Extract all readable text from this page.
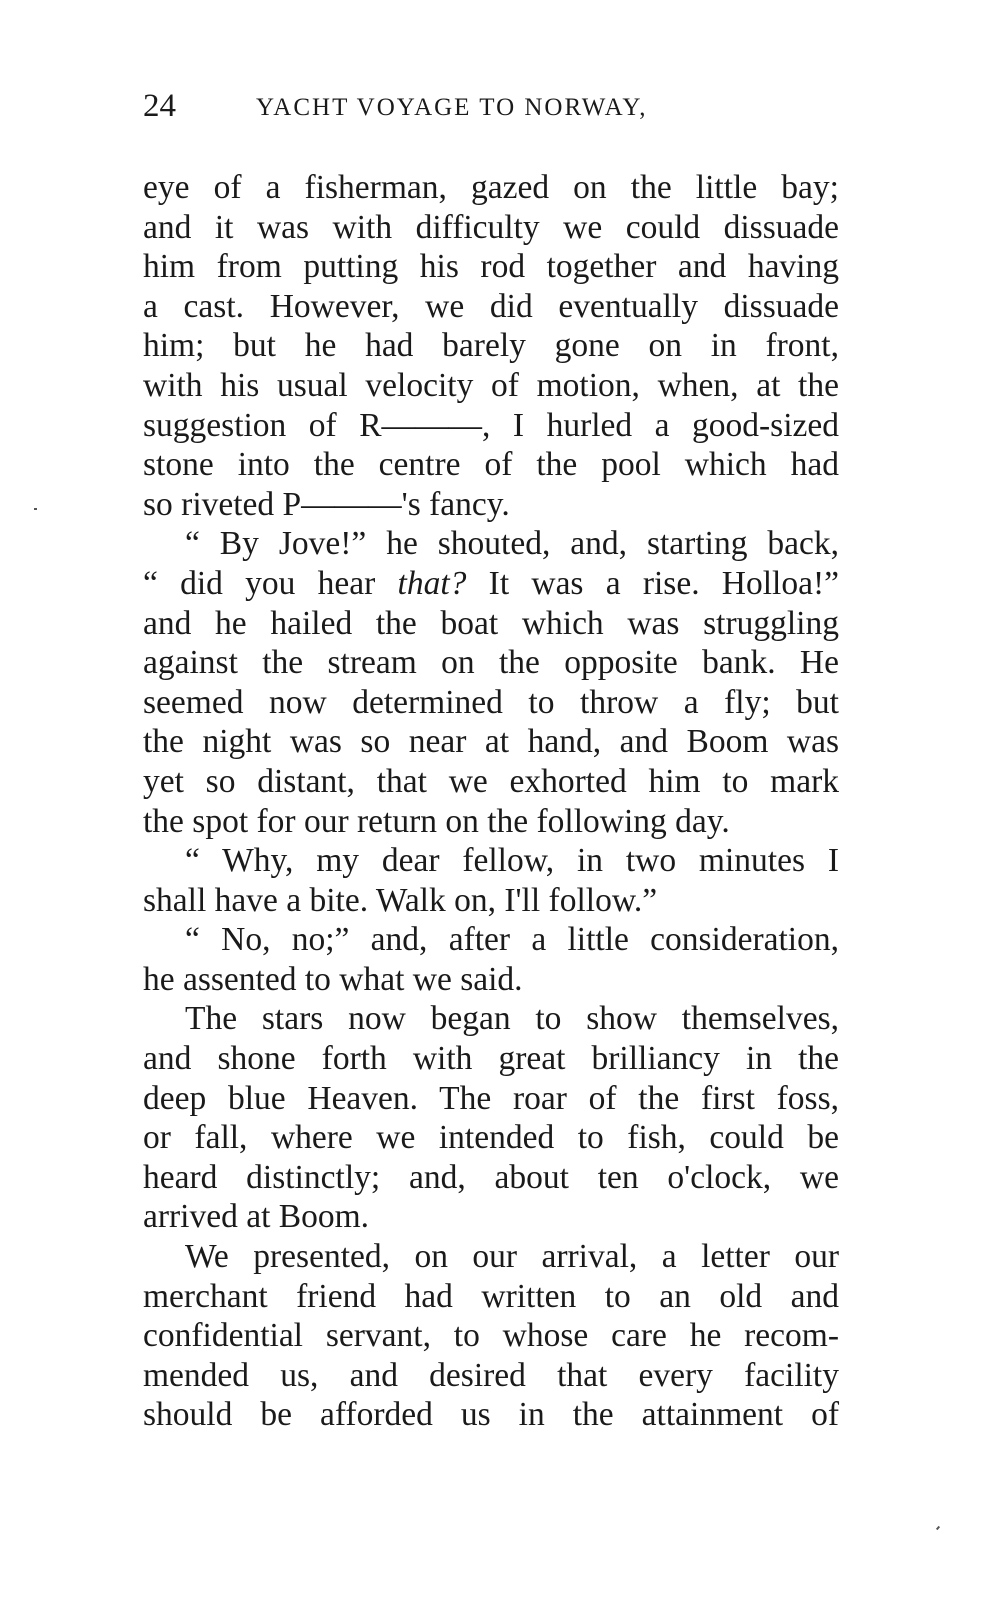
24	YACHT VOYAGE TO NORWAY,
eye of a fisherman, gazed on the little bay;
and it was with difficulty we could dissuade
him from putting his rod together and having
a cast. However, we did eventually dissuade
him; but he had barely gone on in front,
with his usual velocity of motion, when, at the
suggestion of R———, I hurled a good-sized
stone into the centre of the pool which had
so riveted P———'s fancy.
“ By Jove!” he shouted, and, starting back,
“ did you hear that? It was a rise. Holloa!”
and he hailed the boat which was struggling
against the stream on the opposite bank. He
seemed now determined to throw a fly; but
the night was so near at hand, and Boom was
yet so distant, that we exhorted him to mark
the spot for our return on the following day.
“ Why, my dear fellow, in two minutes I
shall have a bite. Walk on, I'll follow.”
“ No, no;” and, after a little consideration,
he assented to what we said.
The stars now began to show themselves,
and shone forth with great brilliancy in the
deep blue Heaven. The roar of the first foss,
or fall, where we intended to fish, could be
heard distinctly; and, about ten o'clock, we
arrived at Boom.
We presented, on our arrival, a letter our
merchant friend had written to an old and
confidential servant, to whose care he recom-
mended us, and desired that every facility
should be afforded us in the attainment of
